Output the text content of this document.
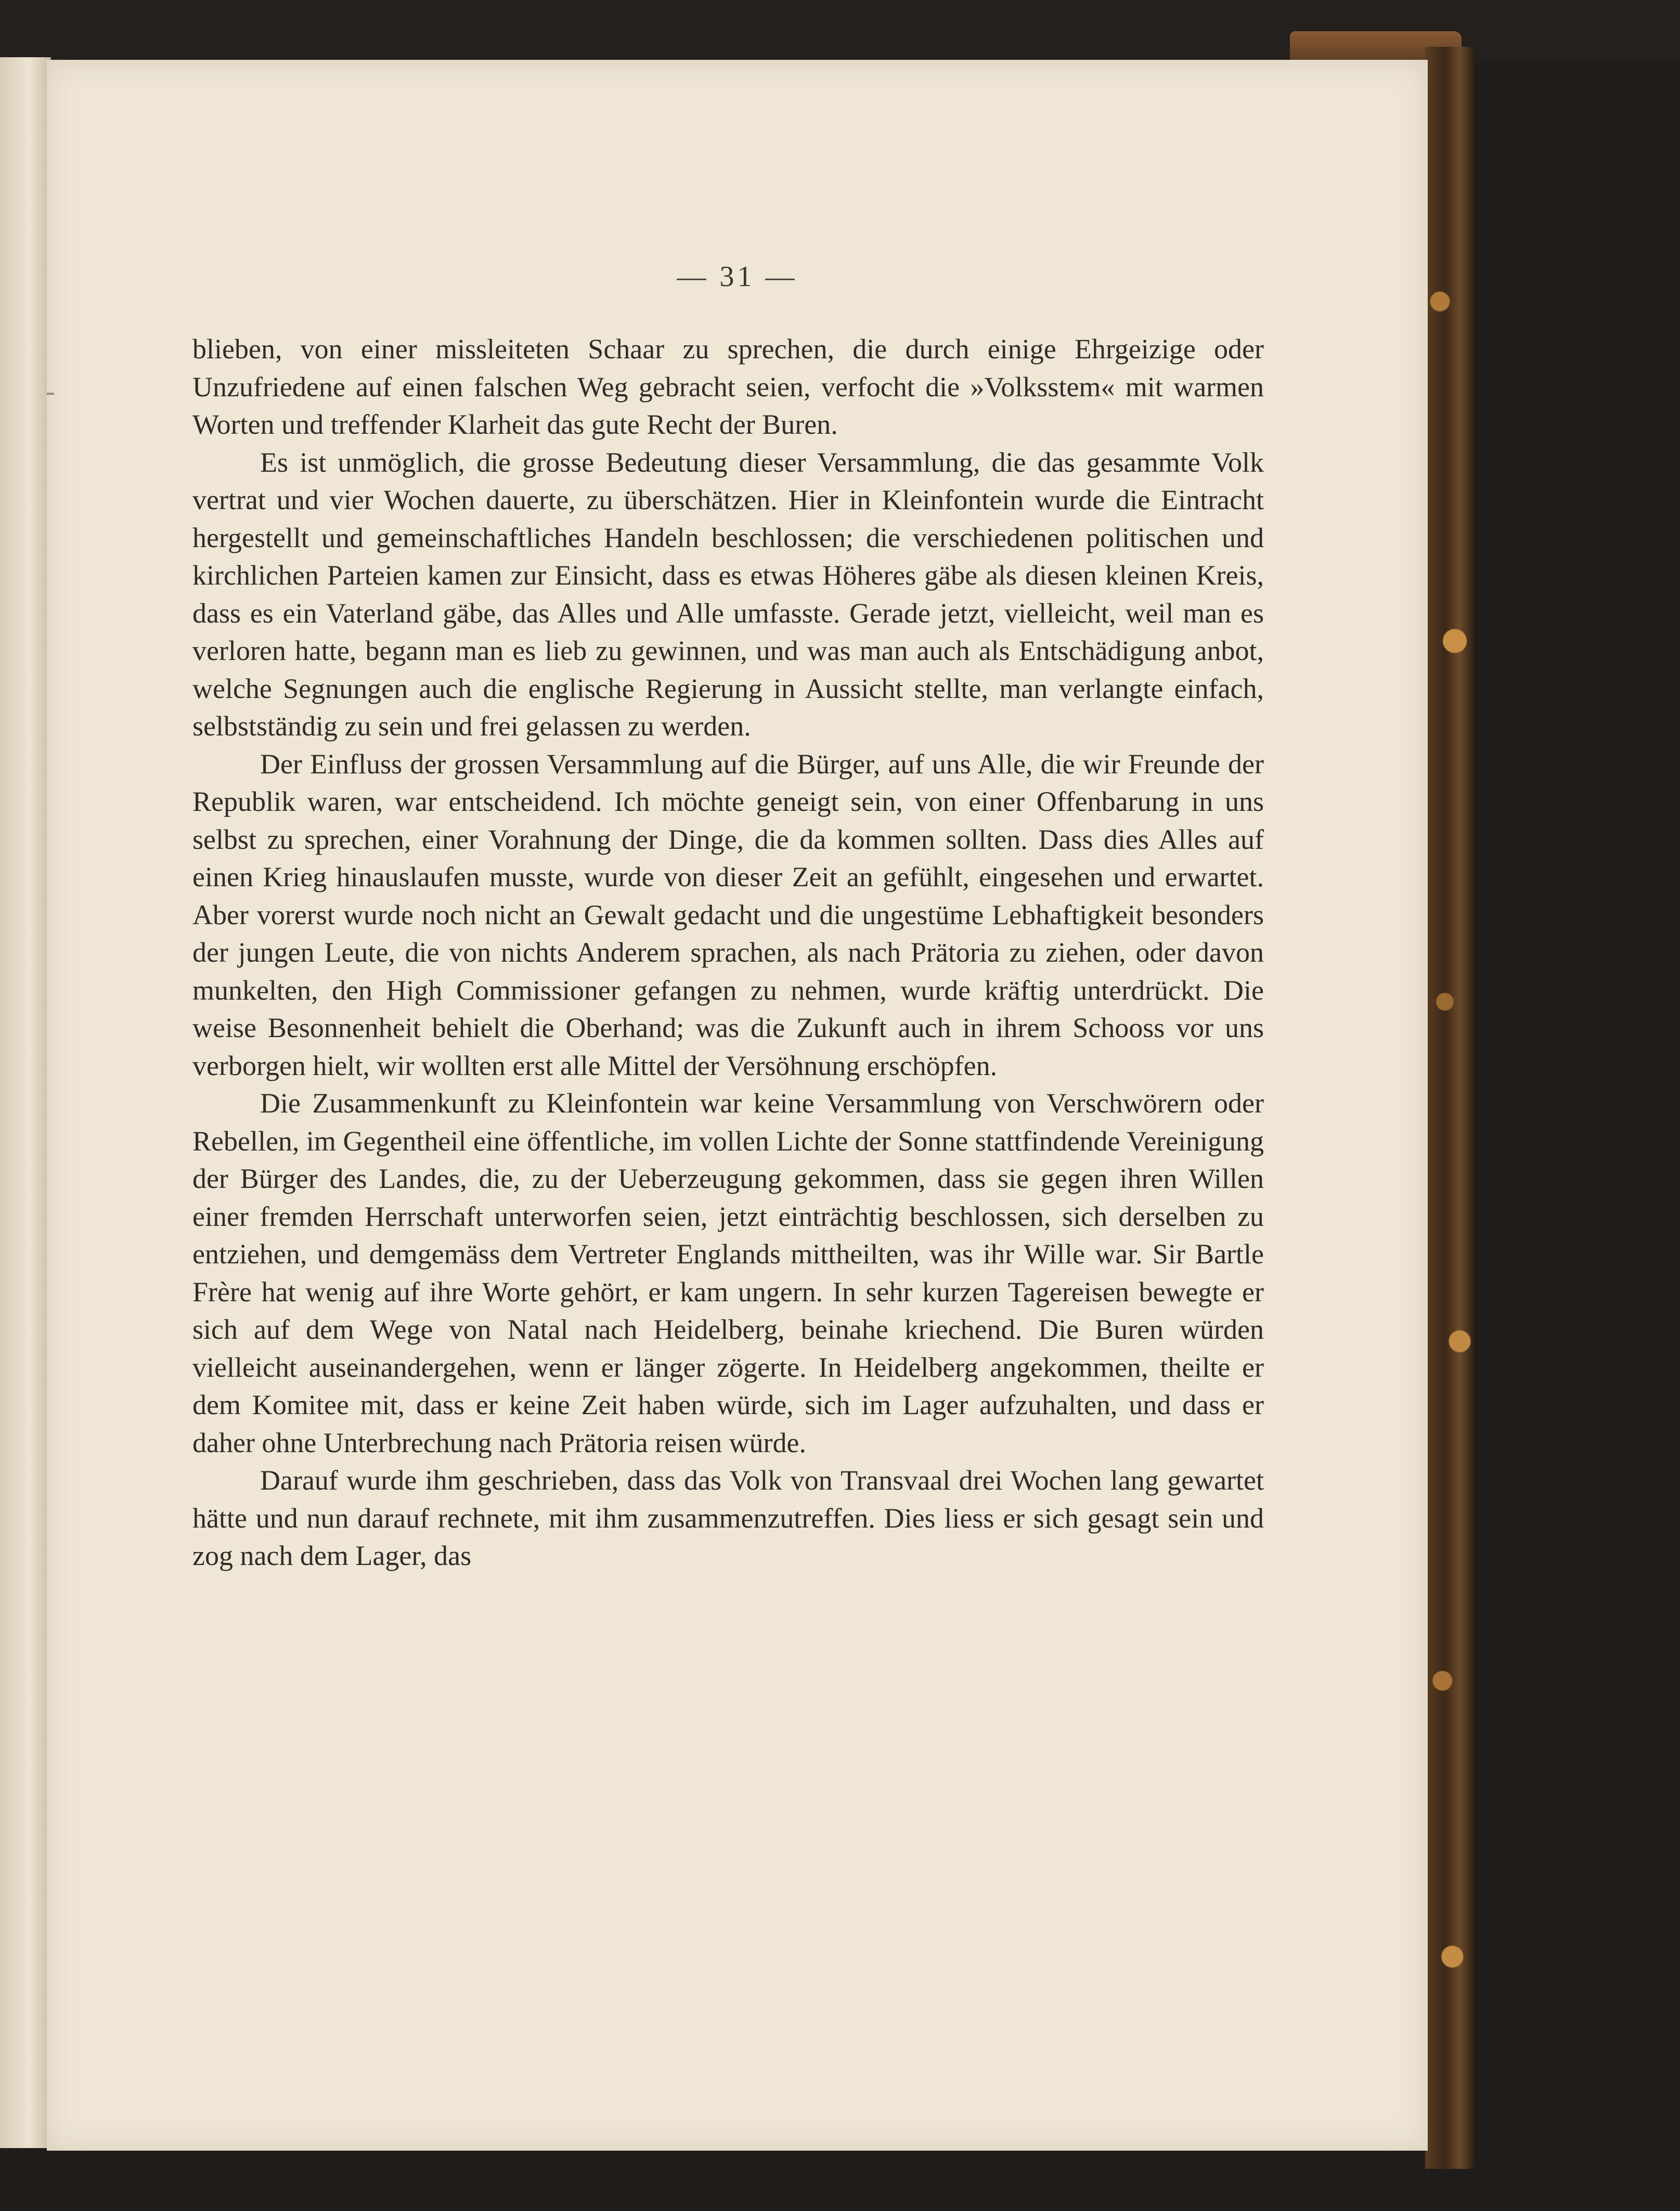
— 31 —

blieben, von einer missleiteten Schaar zu sprechen, die durch einige Ehrgeizige oder Unzufriedene auf einen falschen Weg gebracht seien, verfocht die »Volksstem« mit warmen Worten und treffender Klarheit das gute Recht der Buren.

Es ist unmöglich, die grosse Bedeutung dieser Versammlung, die das gesammte Volk vertrat und vier Wochen dauerte, zu überschätzen. Hier in Kleinfontein wurde die Eintracht hergestellt und gemeinschaftliches Handeln beschlossen; die verschiedenen politischen und kirchlichen Parteien kamen zur Einsicht, dass es etwas Höheres gäbe als diesen kleinen Kreis, dass es ein Vaterland gäbe, das Alles und Alle umfasste. Gerade jetzt, vielleicht, weil man es verloren hatte, begann man es lieb zu gewinnen, und was man auch als Entschädigung anbot, welche Segnungen auch die englische Regierung in Aussicht stellte, man verlangte einfach, selbstständig zu sein und frei gelassen zu werden.

Der Einfluss der grossen Versammlung auf die Bürger, auf uns Alle, die wir Freunde der Republik waren, war entscheidend. Ich möchte geneigt sein, von einer Offenbarung in uns selbst zu sprechen, einer Vorahnung der Dinge, die da kommen sollten. Dass dies Alles auf einen Krieg hinauslaufen musste, wurde von dieser Zeit an gefühlt, eingesehen und erwartet. Aber vorerst wurde noch nicht an Gewalt gedacht und die ungestüme Lebhaftigkeit besonders der jungen Leute, die von nichts Anderem sprachen, als nach Prätoria zu ziehen, oder davon munkelten, den High Commissioner gefangen zu nehmen, wurde kräftig unterdrückt. Die weise Besonnenheit behielt die Oberhand; was die Zukunft auch in ihrem Schooss vor uns verborgen hielt, wir wollten erst alle Mittel der Versöhnung erschöpfen.

Die Zusammenkunft zu Kleinfontein war keine Versammlung von Verschwörern oder Rebellen, im Gegentheil eine öffentliche, im vollen Lichte der Sonne stattfindende Vereinigung der Bürger des Landes, die, zu der Ueberzeugung gekommen, dass sie gegen ihren Willen einer fremden Herrschaft unterworfen seien, jetzt einträchtig beschlossen, sich derselben zu entziehen, und demgemäss dem Vertreter Englands mittheilten, was ihr Wille war. Sir Bartle Frère hat wenig auf ihre Worte gehört, er kam ungern. In sehr kurzen Tagereisen bewegte er sich auf dem Wege von Natal nach Heidelberg, beinahe kriechend. Die Buren würden vielleicht auseinandergehen, wenn er länger zögerte. In Heidelberg angekommen, theilte er dem Komitee mit, dass er keine Zeit haben würde, sich im Lager aufzuhalten, und dass er daher ohne Unterbrechung nach Prätoria reisen würde.

Darauf wurde ihm geschrieben, dass das Volk von Transvaal drei Wochen lang gewartet hätte und nun darauf rechnete, mit ihm zusammenzutreffen. Dies liess er sich gesagt sein und zog nach dem Lager, das
